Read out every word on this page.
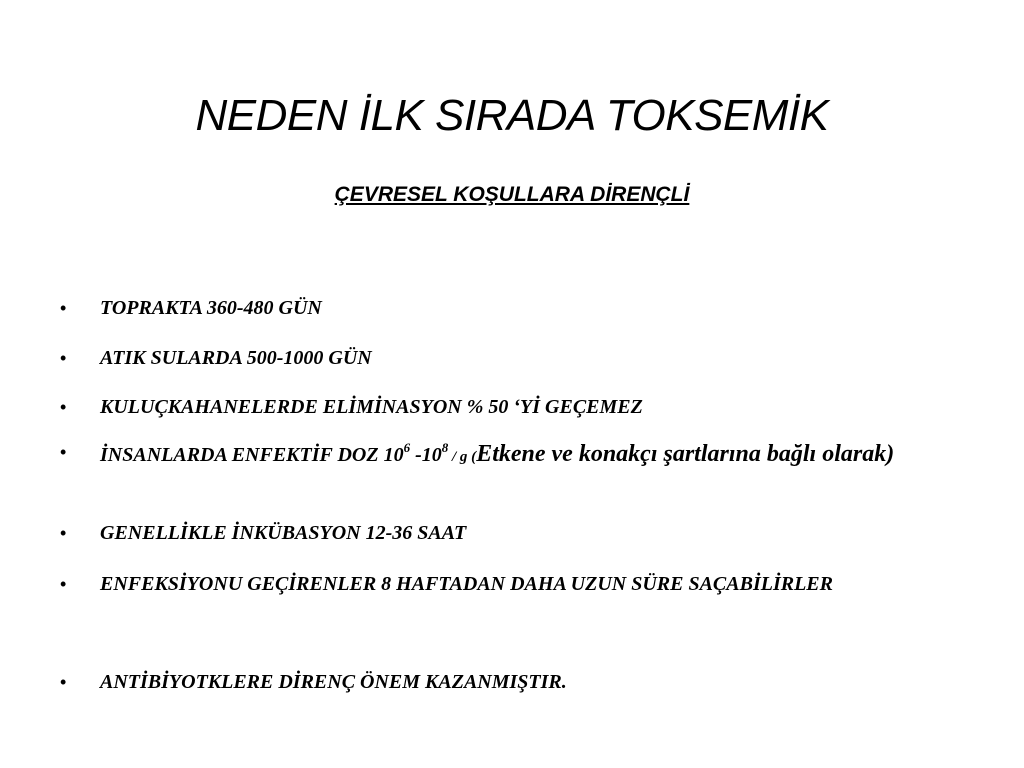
NEDEN İLK SIRADA TOKSEMİK
ÇEVRESEL KOŞULLARA DİRENÇLİ
• TOPRAKTA 360-480 GÜN
• ATIK SULARDA 500-1000 GÜN
• KULUÇKAHANELERDE ELİMİNASYON % 50 ‘Yİ GEÇEMEZ
• İNSANLARDA ENFEKTİF DOZ $10^6$ $-10^8$ / g (Etkene ve konakçı şartlarına bağlı olarak)
• GENELLİKLE İNKÜBASYON 12-36 SAAT
• ENFEKSİYONU GEÇİRENLER 8 HAFTADAN DAHA UZUN SÜRE SAÇABİLİRLER
• ANTİBİYOTKLERE DİRENÇ ÖNEM KAZANMIŞTIR.
